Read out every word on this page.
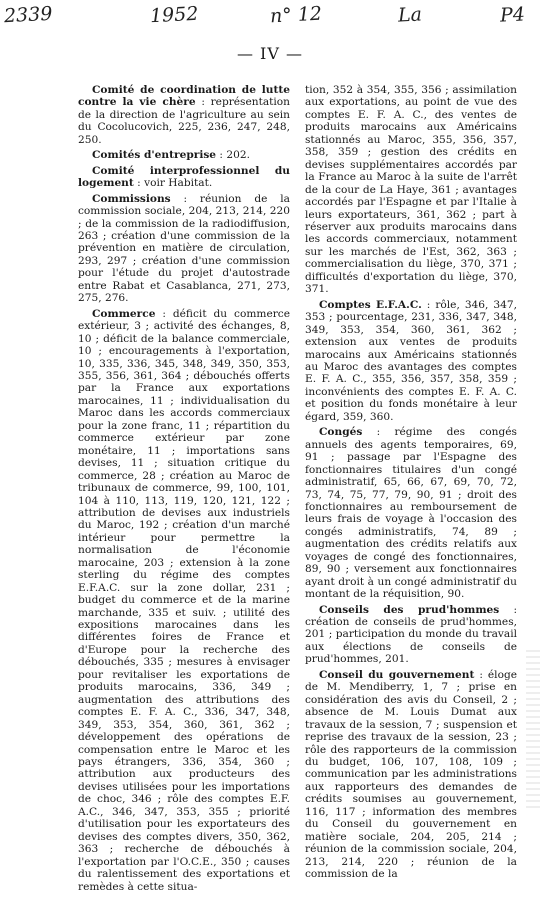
2339	1952	n° 12	La	P4
— IV —

Comité de coordination de lutte contre la vie chère : représentation de la direction de l'agriculture au sein du Cocolucovich, 225, 236, 247, 248, 250.

Comités d'entreprise : 202.

Comité interprofessionnel du logement : voir Habitat.

Commissions : réunion de la commission sociale, 204, 213, 214, 220 ; de la commission de la radiodiffusion, 263 ; création d'une commission de la prévention en matière de circulation, 293, 297 ; création d'une commission pour l'étude du projet d'autostrade entre Rabat et Casablanca, 271, 273, 275, 276.

Commerce : déficit du commerce extérieur, 3 ; activité des échanges, 8, 10 ; déficit de la balance commerciale, 10 ; encouragements à l'exportation, 10, 335, 336, 345, 348, 349, 350, 353, 355, 356, 361, 364 ; débouchés offerts par la France aux exportations marocaines, 11 ; individualisation du Maroc dans les accords commerciaux pour la zone franc, 11 ; répartition du commerce extérieur par zone monétaire, 11 ; importations sans devises, 11 ; situation critique du commerce, 28 ; création au Maroc de tribunaux de commerce, 99, 100, 101, 104 à 110, 113, 119, 120, 121, 122 ; attribution de devises aux industriels du Maroc, 192 ; création d'un marché intérieur pour permettre la normalisation de l'économie marocaine, 203 ; extension à la zone sterling du régime des comptes E.F.A.C. sur la zone dollar, 231 ; budget du commerce et de la marine marchande, 335 et suiv. ; utilité des expositions marocaines dans les différentes foires de France et d'Europe pour la recherche des débouchés, 335 ; mesures à envisager pour revitaliser les exportations de produits marocains, 336, 349 ; augmentation des attributions des comptes E. F. A. C., 336, 347, 348, 349, 353, 354, 360, 361, 362 ; développement des opérations de compensation entre le Maroc et les pays étrangers, 336, 354, 360 ; attribution aux producteurs des devises utilisées pour les importations de choc, 346 ; rôle des comptes E.F. A.C., 346, 347, 353, 355 ; priorité d'utilisation pour les exportateurs des devises des comptes divers, 350, 362, 363 ; recherche de débouchés à l'exportation par l'O.C.E., 350 ; causes du ralentissement des exportations et remèdes à cette situa-

tion, 352 à 354, 355, 356 ; assimilation aux exportations, au point de vue des comptes E. F. A. C., des ventes de produits marocains aux Américains stationnés au Maroc, 355, 356, 357, 358, 359 ; gestion des crédits en devises supplémentaires accordés par la France au Maroc à la suite de l'arrêt de la cour de La Haye, 361 ; avantages accordés par l'Espagne et par l'Italie à leurs exportateurs, 361, 362 ; part à réserver aux produits marocains dans les accords commerciaux, notamment sur les marchés de l'Est, 362, 363 ; commercialisation du liège, 370, 371 ; difficultés d'exportation du liège, 370, 371.

Comptes E.F.A.C. : rôle, 346, 347, 353 ; pourcentage, 231, 336, 347, 348, 349, 353, 354, 360, 361, 362 ; extension aux ventes de produits marocains aux Américains stationnés au Maroc des avantages des comptes E. F. A. C., 355, 356, 357, 358, 359 ; inconvénients des comptes E. F. A. C. et position du fonds monétaire à leur égard, 359, 360.

Congés : régime des congés annuels des agents temporaires, 69, 91 ; passage par l'Espagne des fonctionnaires titulaires d'un congé administratif, 65, 66, 67, 69, 70, 72, 73, 74, 75, 77, 79, 90, 91 ; droit des fonctionnaires au remboursement de leurs frais de voyage à l'occasion des congés administratifs, 74, 89 ; augmentation des crédits relatifs aux voyages de congé des fonctionnaires, 89, 90 ; versement aux fonctionnaires ayant droit à un congé administratif du montant de la réquisition, 90.

Conseils des prud'hommes : création de conseils de prud'hommes, 201 ; participation du monde du travail aux élections de conseils de prud'hommes, 201.

Conseil du gouvernement : éloge de M. Mendiberry, 1, 7 ; prise en considération des avis du Conseil, 2 ; absence de M. Louis Dumat aux travaux de la session, 7 ; suspension et reprise des travaux de la session, 23 ; rôle des rapporteurs de la commission du budget, 106, 107, 108, 109 ; communication par les administrations aux rapporteurs des demandes de crédits soumises au gouvernement, 116, 117 ; information des membres du Conseil du gouvernement en matière sociale, 204, 205, 214 ; réunion de la commission sociale, 204, 213, 214, 220 ; réunion de la commission de la
